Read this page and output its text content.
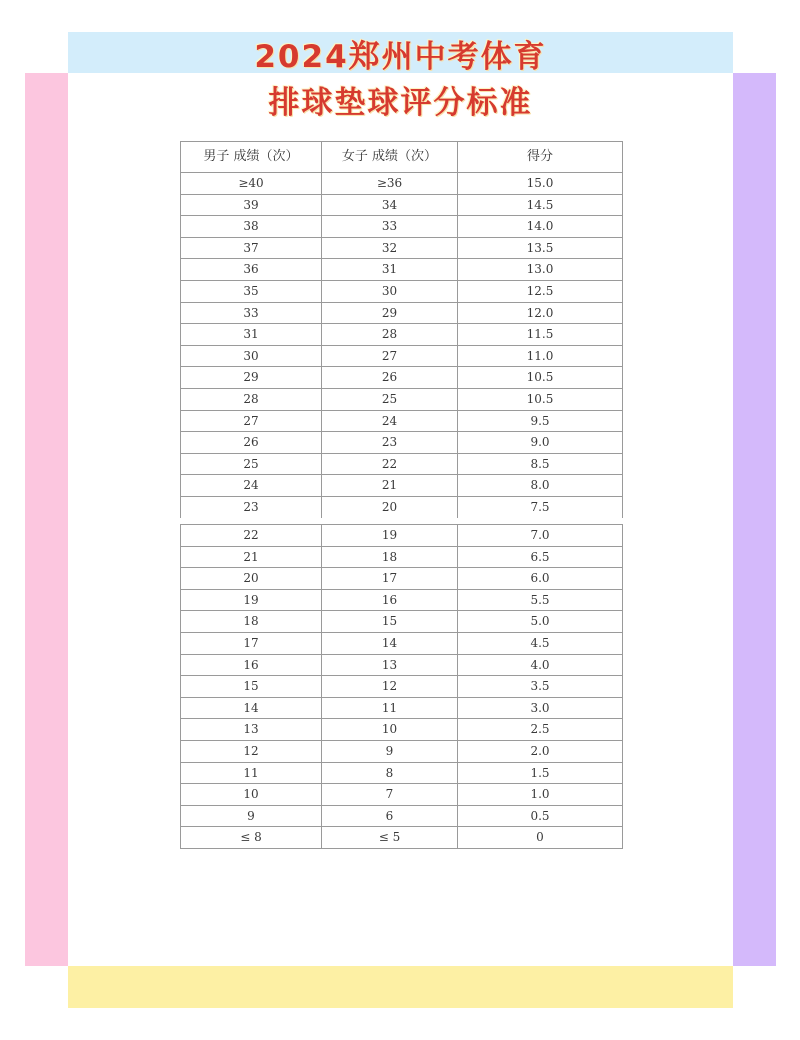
2024郑州中考体育
排球垫球评分标准
男子 成绩（次）	女子 成绩（次）	得分
≥40	≥36	15.0
39	34	14.5
38	33	14.0
37	32	13.5
36	31	13.0
35	30	12.5
33	29	12.0
31	28	11.5
30	27	11.0
29	26	10.5
28	25	10.5
27	24	9.5
26	23	9.0
25	22	8.5
24	21	8.0
23	20	7.5
22	19	7.0
21	18	6.5
20	17	6.0
19	16	5.5
18	15	5.0
17	14	4.5
16	13	4.0
15	12	3.5
14	11	3.0
13	10	2.5
12	9	2.0
11	8	1.5
10	7	1.0
9	6	0.5
≤ 8	≤ 5	0
